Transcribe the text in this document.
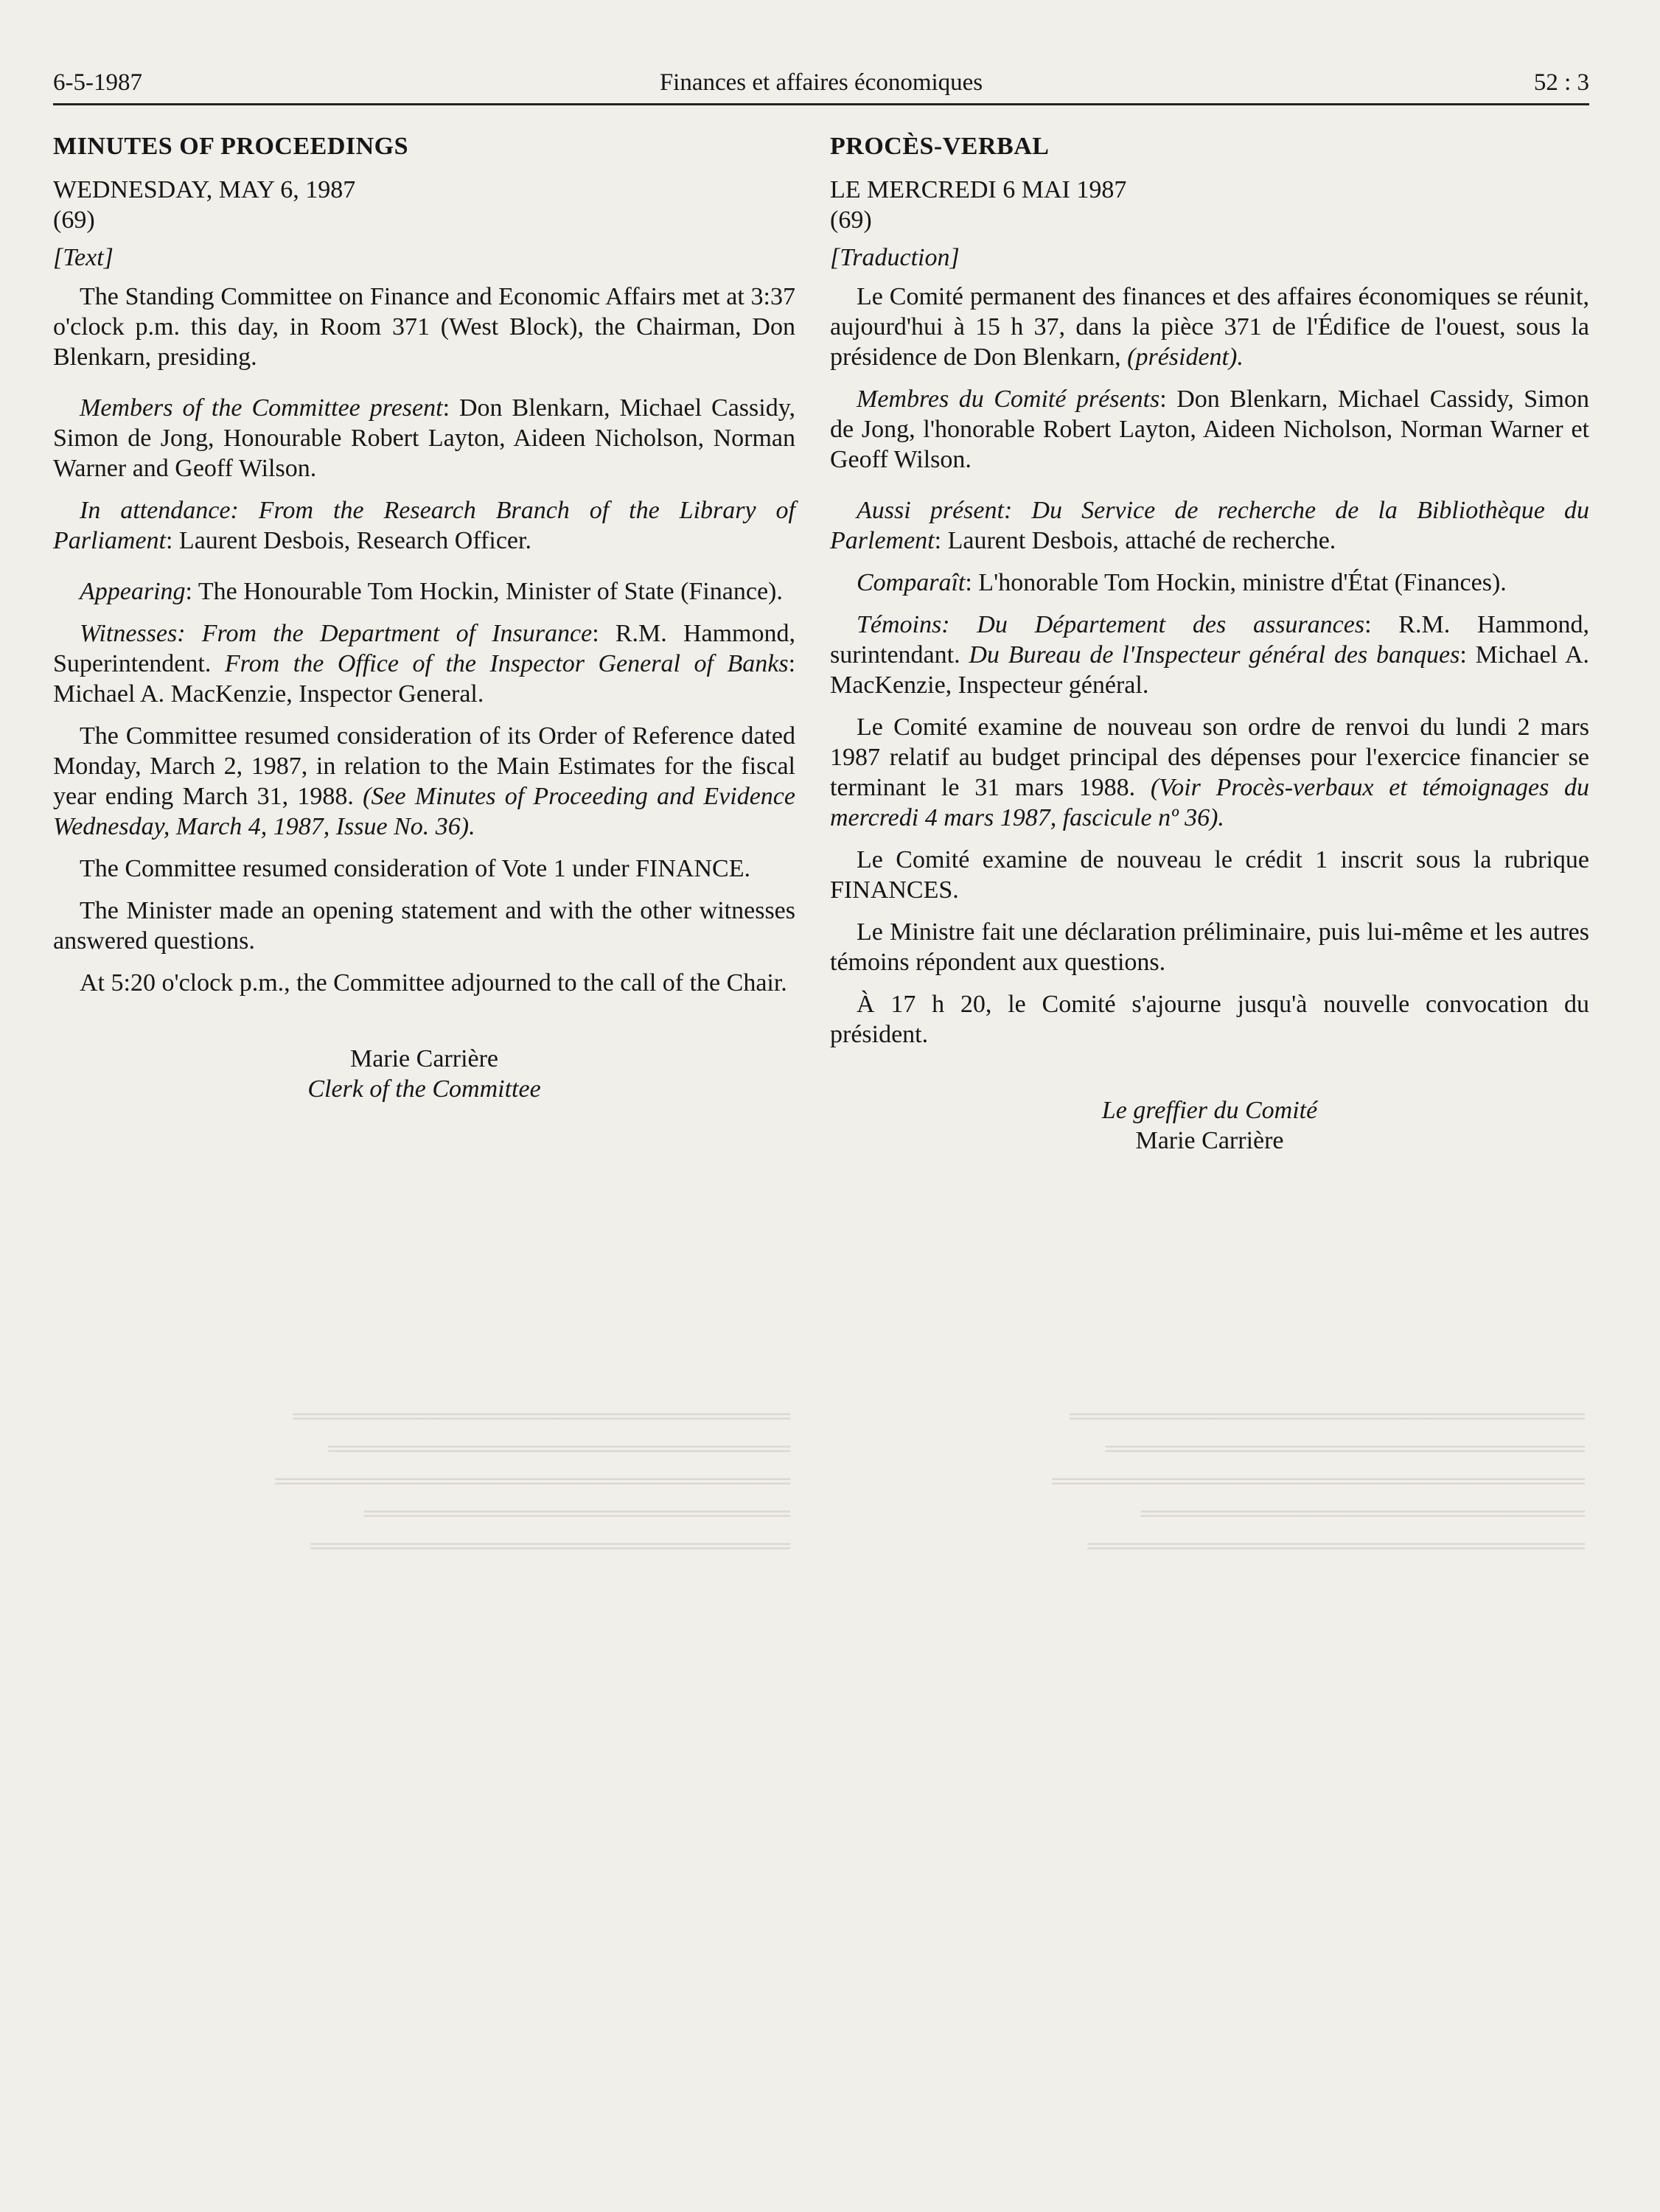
════════════════════════════
══════════════════════════
═════════════════════════════
════════════════════════
═══════════════════════════
═════════════════════════════
═══════════════════════════
══════════════════════════════
═════════════════════════
════════════════════════════
6-5-1987	Finances et affaires économiques	52 : 3

MINUTES OF PROCEEDINGS

WEDNESDAY, MAY 6, 1987

(69)

[Text]

The Standing Committee on Finance and Economic Affairs met at 3:37 o'clock p.m. this day, in Room 371 (West Block), the Chairman, Don Blenkarn, presiding.

Members of the Committee present: Don Blenkarn, Michael Cassidy, Simon de Jong, Honourable Robert Layton, Aideen Nicholson, Norman Warner and Geoff Wilson.

In attendance: From the Research Branch of the Library of Parliament: Laurent Desbois, Research Officer.

Appearing: The Honourable Tom Hockin, Minister of State (Finance).

Witnesses: From the Department of Insurance: R.M. Hammond, Superintendent. From the Office of the Inspector General of Banks: Michael A. MacKenzie, Inspector General.

The Committee resumed consideration of its Order of Reference dated Monday, March 2, 1987, in relation to the Main Estimates for the fiscal year ending March 31, 1988. (See Minutes of Proceeding and Evidence Wednesday, March 4, 1987, Issue No. 36).

The Committee resumed consideration of Vote 1 under FINANCE.

The Minister made an opening statement and with the other witnesses answered questions.

At 5:20 o'clock p.m., the Committee adjourned to the call of the Chair.

Marie Carrière

Clerk of the Committee

PROCÈS-VERBAL

LE MERCREDI 6 MAI 1987

(69)

[Traduction]

Le Comité permanent des finances et des affaires économiques se réunit, aujourd'hui à 15 h 37, dans la pièce 371 de l'Édifice de l'ouest, sous la présidence de Don Blenkarn, (président).

Membres du Comité présents: Don Blenkarn, Michael Cassidy, Simon de Jong, l'honorable Robert Layton, Aideen Nicholson, Norman Warner et Geoff Wilson.

Aussi présent: Du Service de recherche de la Bibliothèque du Parlement: Laurent Desbois, attaché de recherche.

Comparaît: L'honorable Tom Hockin, ministre d'État (Finances).

Témoins: Du Département des assurances: R.M. Hammond, surintendant. Du Bureau de l'Inspecteur général des banques: Michael A. MacKenzie, Inspecteur général.

Le Comité examine de nouveau son ordre de renvoi du lundi 2 mars 1987 relatif au budget principal des dépenses pour l'exercice financier se terminant le 31 mars 1988. (Voir Procès-verbaux et témoignages du mercredi 4 mars 1987, fascicule nº 36).

Le Comité examine de nouveau le crédit 1 inscrit sous la rubrique FINANCES.

Le Ministre fait une déclaration préliminaire, puis lui-même et les autres témoins répondent aux questions.

À 17 h 20, le Comité s'ajourne jusqu'à nouvelle convocation du président.

Le greffier du Comité

Marie Carrière
